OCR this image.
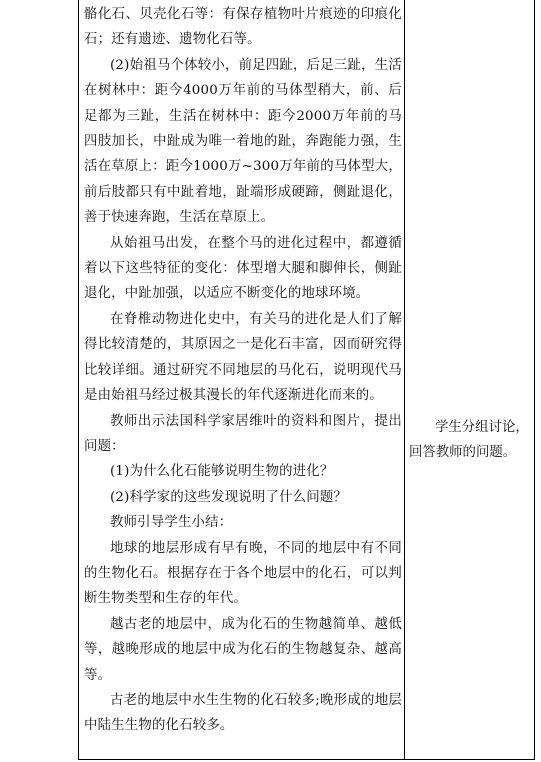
骼化石、贝壳化石等：有保存植物叶片痕迹的印痕化石；还有遗迹、遗物化石等。

(2)始祖马个体较小，前足四趾，后足三趾，生活在树林中：距今4000万年前的马体型稍大，前、后足都为三趾，生活在树林中：距今2000万年前的马四肢加长，中趾成为唯一着地的趾，奔跑能力强，生活在草原上：距今1000万~300万年前的马体型大，前后肢都只有中趾着地，趾端形成硬蹄，侧趾退化，善于快速奔跑，生活在草原上。

从始祖马出发，在整个马的进化过程中，都遵循着以下这些特征的变化：体型增大腿和脚伸长，侧趾退化，中趾加强，以适应不断变化的地球环境。

在脊椎动物进化史中，有关马的进化是人们了解得比较清楚的，其原因之一是化石丰富，因而研究得比较详细。通过研究不同地层的马化石，说明现代马是由始祖马经过极其漫长的年代逐渐进化而来的。

教师出示法国科学家居维叶的资料和图片，提出问题：

(1)为什么化石能够说明生物的进化？

(2)科学家的这些发现说明了什么问题？

教师引导学生小结：

地球的地层形成有早有晚，不同的地层中有不同的生物化石。根据存在于各个地层中的化石，可以判断生物类型和生存的年代。

越古老的地层中，成为化石的生物越简单、越低等，越晚形成的地层中成为化石的生物越复杂、越高等。

古老的地层中水生生物的化石较多;晚形成的地层中陆生生物的化石较多。

学生分组讨论，回答教师的问题。
